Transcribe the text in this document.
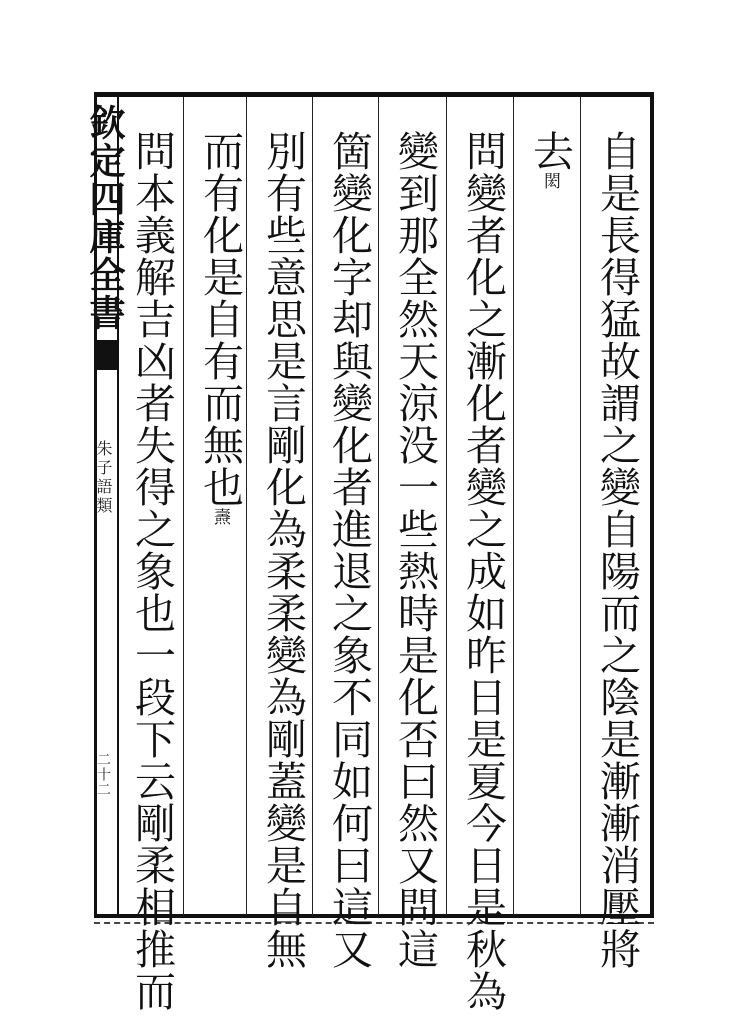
欽定四庫全書
朱子語類
二十二	自是長得猛故謂之變自陽而之陰是漸漸消壓將
去$^閎$
問變者化之漸化者變之成如昨日是夏今日是秋為
變到那全然天涼没一些熱時是化否曰然又問這
箇變化字却與變化者進退之象不同如何曰這又
別有些意思是言剛化為柔柔變為剛蓋變是自無
而有化是自有而無也$^燾$
問本義解吉凶者失得之象也一段下云剛柔相推而
